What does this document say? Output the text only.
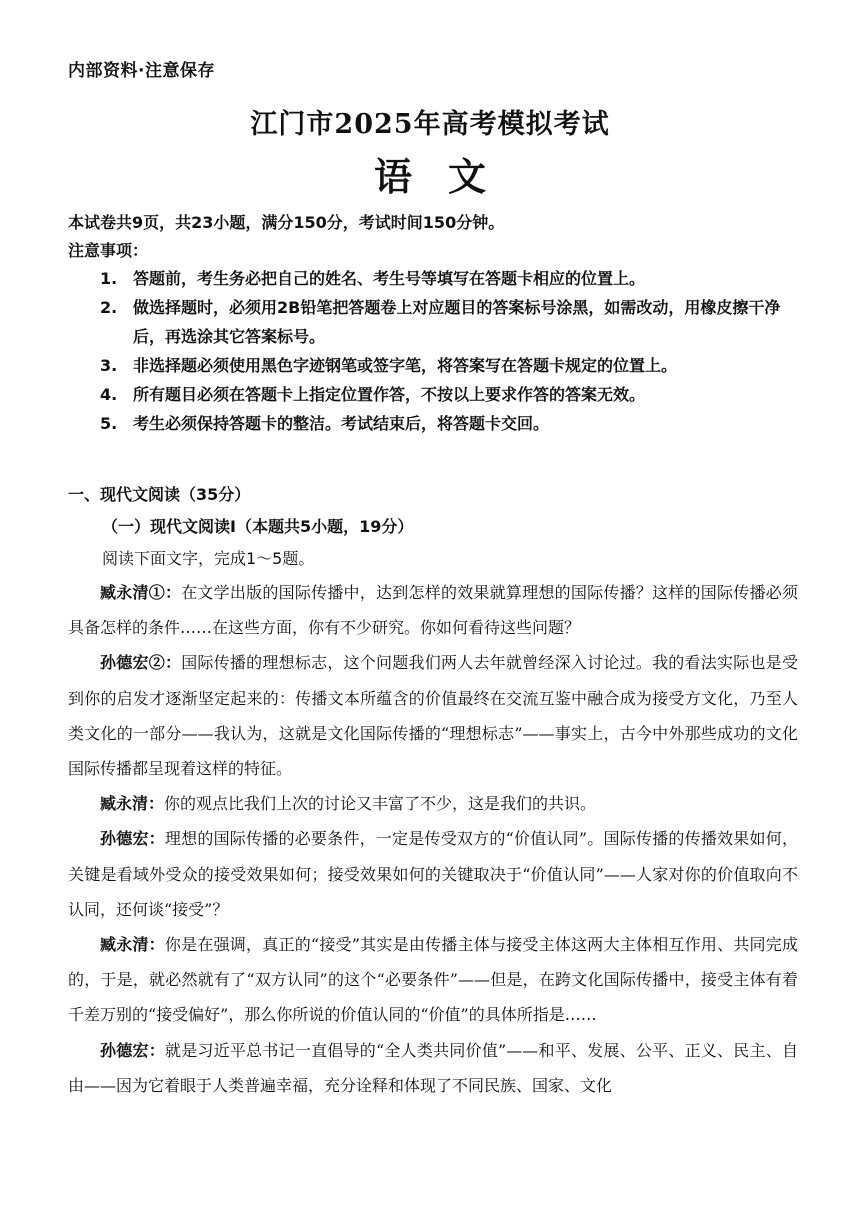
内部资料·注意保存
江门市2025年高考模拟考试
语文
本试卷共9页，共23小题，满分150分，考试时间150分钟。
注意事项：
1. 答题前，考生务必把自己的姓名、考生号等填写在答题卡相应的位置上。
2. 做选择题时，必须用2B铅笔把答题卷上对应题目的答案标号涂黑，如需改动，用橡皮擦干净后，再选涂其它答案标号。
3. 非选择题必须使用黑色字迹钢笔或签字笔，将答案写在答题卡规定的位置上。
4. 所有题目必须在答题卡上指定位置作答，不按以上要求作答的答案无效。
5. 考生必须保持答题卡的整洁。考试结束后，将答题卡交回。
一、现代文阅读（35分）
（一）现代文阅读Ⅰ（本题共5小题，19分）
阅读下面文字，完成1～5题。

臧永清①：在文学出版的国际传播中，达到怎样的效果就算理想的国际传播？这样的国际传播必须具备怎样的条件……在这些方面，你有不少研究。你如何看待这些问题？

孙德宏②：国际传播的理想标志，这个问题我们两人去年就曾经深入讨论过。我的看法实际也是受到你的启发才逐渐坚定起来的：传播文本所蕴含的价值最终在交流互鉴中融合成为接受方文化，乃至人类文化的一部分——我认为，这就是文化国际传播的“理想标志”——事实上，古今中外那些成功的文化国际传播都呈现着这样的特征。

臧永清：你的观点比我们上次的讨论又丰富了不少，这是我们的共识。

孙德宏：理想的国际传播的必要条件，一定是传受双方的“价值认同”。国际传播的传播效果如何，关键是看域外受众的接受效果如何；接受效果如何的关键取决于“价值认同”——人家对你的价值取向不认同，还何谈“接受”？

臧永清：你是在强调，真正的“接受”其实是由传播主体与接受主体这两大主体相互作用、共同完成的，于是，就必然就有了“双方认同”的这个“必要条件”——但是，在跨文化国际传播中，接受主体有着千差万别的“接受偏好”，那么你所说的价值认同的“价值”的具体所指是……

孙德宏：就是习近平总书记一直倡导的“全人类共同价值”——和平、发展、公平、正义、民主、自由——因为它着眼于人类普遍幸福，充分诠释和体现了不同民族、国家、文化
